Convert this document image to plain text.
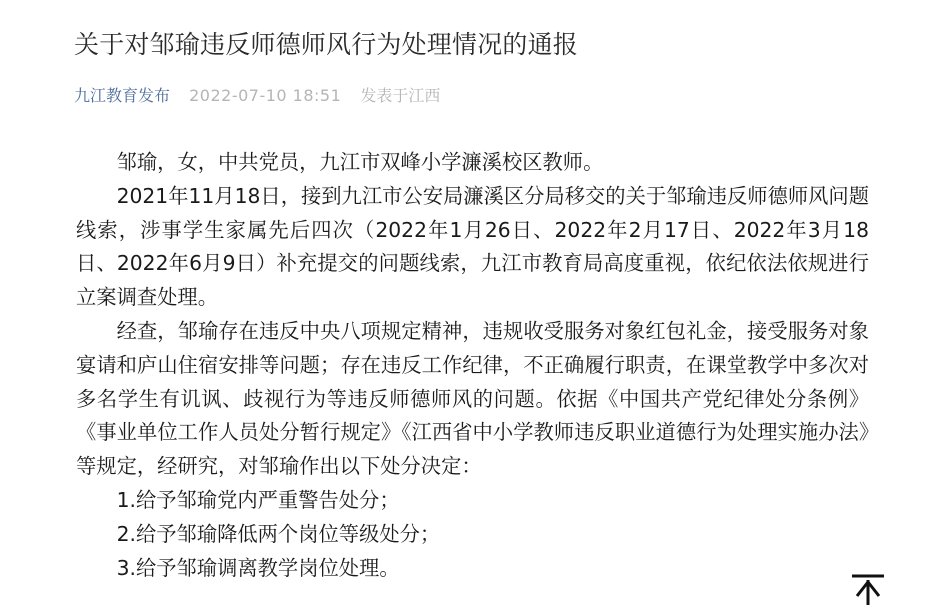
关于对邹瑜违反师德师风行为处理情况的通报
九江教育发布 2022-07-10 18:51 发表于江西

邹瑜，女，中共党员，九江市双峰小学濂溪校区教师。

2021年11月18日，接到九江市公安局濂溪区分局移交的关于邹瑜违反师德师风问题线索，涉事学生家属先后四次（2022年1月26日、2022年2月17日、2022年3月18日、2022年6月9日）补充提交的问题线索，九江市教育局高度重视，依纪依法依规进行立案调查处理。

经查，邹瑜存在违反中央八项规定精神，违规收受服务对象红包礼金，接受服务对象宴请和庐山住宿安排等问题；存在违反工作纪律，不正确履行职责，在课堂教学中多次对多名学生有讥讽、歧视行为等违反师德师风的问题。依据《中国共产党纪律处分条例》《事业单位工作人员处分暂行规定》《江西省中小学教师违反职业道德行为处理实施办法》等规定，经研究，对邹瑜作出以下处分决定：

1.给予邹瑜党内严重警告处分；

2.给予邹瑜降低两个岗位等级处分；

3.给予邹瑜调离教学岗位处理。
